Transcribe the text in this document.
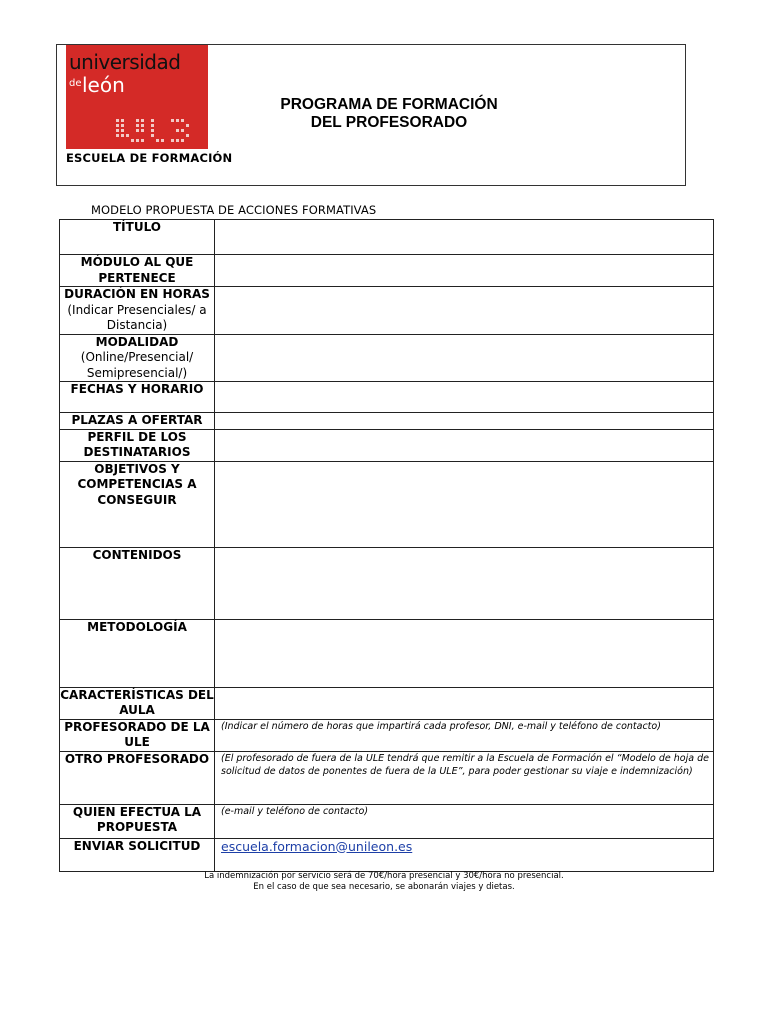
universidad
de león
ESCUELA DE FORMACIÓN
PROGRAMA DE FORMACIÓN
DEL PROFESORADO
MODELO PROPUESTA DE ACCIONES FORMATIVAS
TÍTULO	

MÓDULO AL QUE PERTENECE	

DURACIÓN EN HORAS
(Indicar Presenciales/ a Distancia)	

MODALIDAD
(Online/Presencial/ Semipresencial/)	

FECHAS Y HORARIO	

PLAZAS A OFERTAR	

PERFIL DE LOS DESTINATARIOS	

OBJETIVOS Y COMPETENCIAS A CONSEGUIR	

CONTENIDOS	

METODOLOGÍA	

CARACTERÍSTICAS DEL AULA	

PROFESORADO DE LA ULE	(Indicar el número de horas que impartirá cada profesor, DNI, e-mail y teléfono de contacto)

OTRO PROFESORADO	(El profesorado de fuera de la ULE tendrá que remitir a la Escuela de Formación el “Modelo de hoja de solicitud de datos de ponentes de fuera de la ULE”, para poder gestionar su viaje e indemnización)

QUIEN EFECTUA LA PROPUESTA	(e-mail y teléfono de contacto)

ENVIAR SOLICITUD	escuela.formacion@unileon.es
La indemnización por servicio será de 70€/hora presencial y 30€/hora no presencial.
En el caso de que sea necesario, se abonarán viajes y dietas.
